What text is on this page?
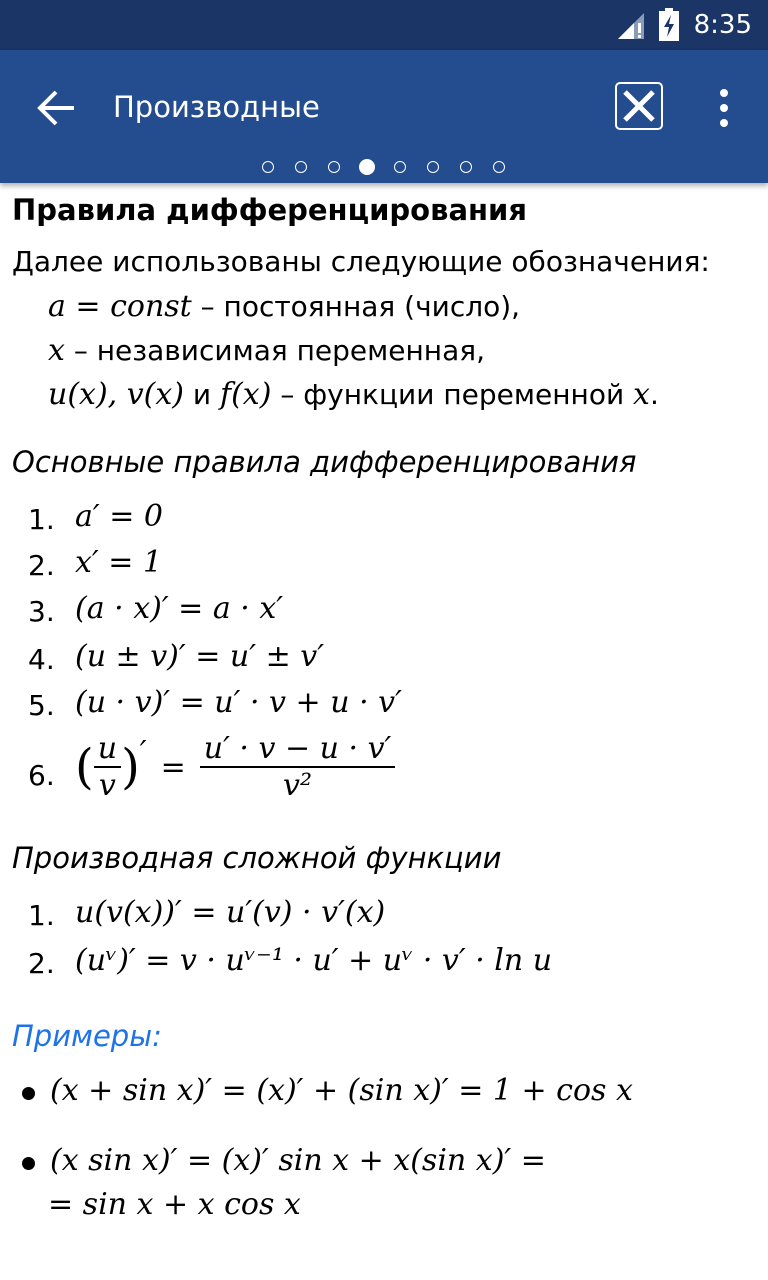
8:35
Производные
Правила дифференцирования
Далее использованы следующие обозначения:
a = const – постоянная (число),
x – независимая переменная,
u(x), v(x) и f(x) – функции переменной x.
Основные правила дифференцирования
1. a′ = 0
2. x′ = 1
3. (a · x)′ = a · x′
4. (u ± v)′ = u′ ± v′
5. (u · v)′ = u′ · v + u · v′
6. ( $\frac{u}{v}$ ) ′ = $\frac{u' \cdot v - u \cdot v'}{\text{v²}}$
Производная сложной функции
1. u(v(x))′ = u′(v) · v′(x)
2. (uᵛ)′ = v · uᵛ⁻¹ · u′ + uᵛ · v′ · ln u
Примеры:
(x + sin x)′ = (x)′ + (sin x)′ = 1 + cos x
(x sin x)′ = (x)′ sin x + x(sin x)′ =
= sin x + x cos x
